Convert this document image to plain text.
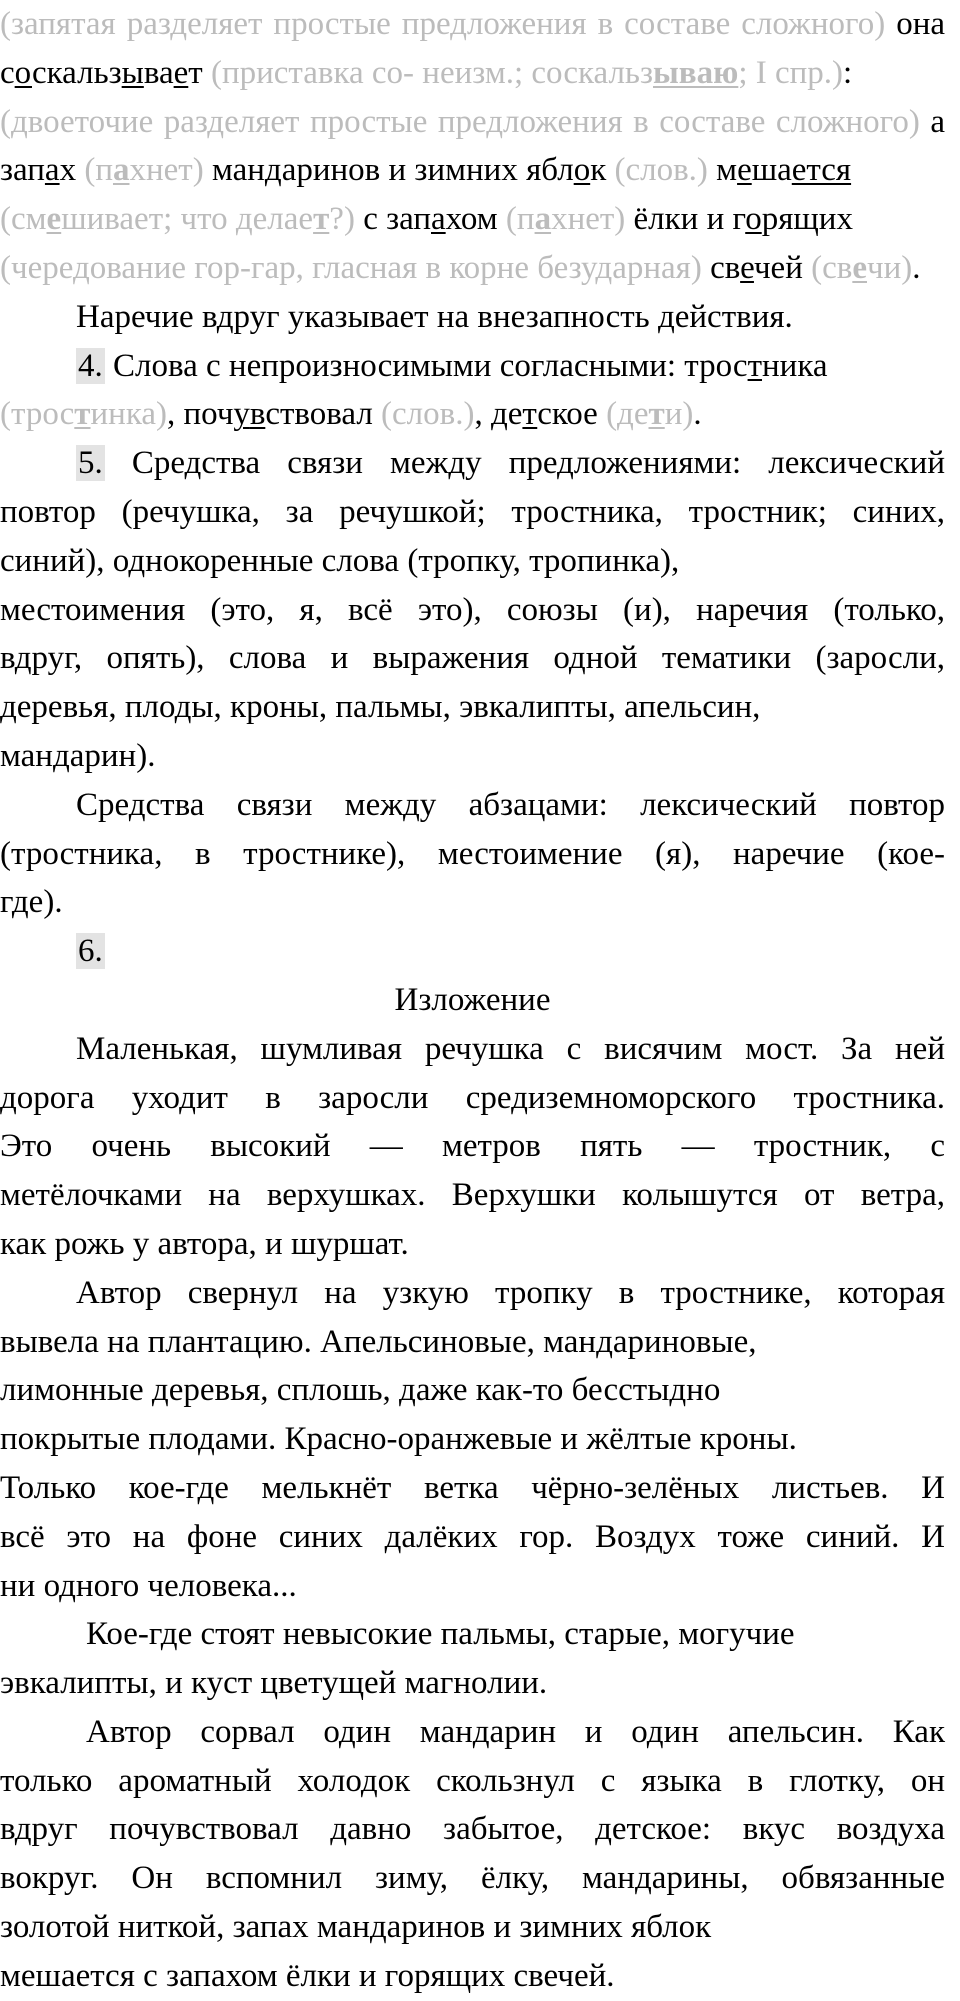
(запятая разделяет простые предложения в составе сложного) она
соскальзывает (приставка со- неизм.; соскальзываю; I спр.):
(двоеточие разделяет простые предложения в составе сложного) а
запах (пахнет) мандаринов и зимних яблок (слов.) мешается
(смешивает; что делает?) с запахом (пахнет) ёлки и горящих
(чередование гор-гар, гласная в корне безударная) свечей (свечи).
Наречие вдруг указывает на внезапность действия.
4. Слова с непроизносимыми согласными: тростника
(тростинка), почувствовал (слов.), детское (дети).
5. Средства связи между предложениями: лексический
повтор (речушка, за речушкой; тростника, тростник; синих,
синий), однокоренные слова (тропку, тропинка),
местоимения (это, я, всё это), союзы (и), наречия (только,
вдруг, опять), слова и выражения одной тематики (заросли,
деревья, плоды, кроны, пальмы, эвкалипты, апельсин,
мандарин).
Средства связи между абзацами: лексический повтор
(тростника, в тростнике), местоимение (я), наречие (кое-
где).
6.
Изложение
Маленькая, шумливая речушка с висячим мост. За ней
дорога уходит в заросли средиземноморского тростника.
Это очень высокий — метров пять — тростник, с
метёлочками на верхушках. Верхушки колышутся от ветра,
как рожь у автора, и шуршат.
Автор свернул на узкую тропку в тростнике, которая
вывела на плантацию. Апельсиновые, мандариновые,
лимонные деревья, сплошь, даже как-то бесстыдно
покрытые плодами. Красно-оранжевые и жёлтые кроны.
Только кое-где мелькнёт ветка чёрно-зелёных листьев. И
всё это на фоне синих далёких гор. Воздух тоже синий. И
ни одного человека...
Кое-где стоят невысокие пальмы, старые, могучие
эвкалипты, и куст цветущей магнолии.
Автор сорвал один мандарин и один апельсин. Как
только ароматный холодок скользнул с языка в глотку, он
вдруг почувствовал давно забытое, детское: вкус воздуха
вокруг. Он вспомнил зиму, ёлку, мандарины, обвязанные
золотой ниткой, запах мандаринов и зимних яблок
мешается с запахом ёлки и горящих свечей.
